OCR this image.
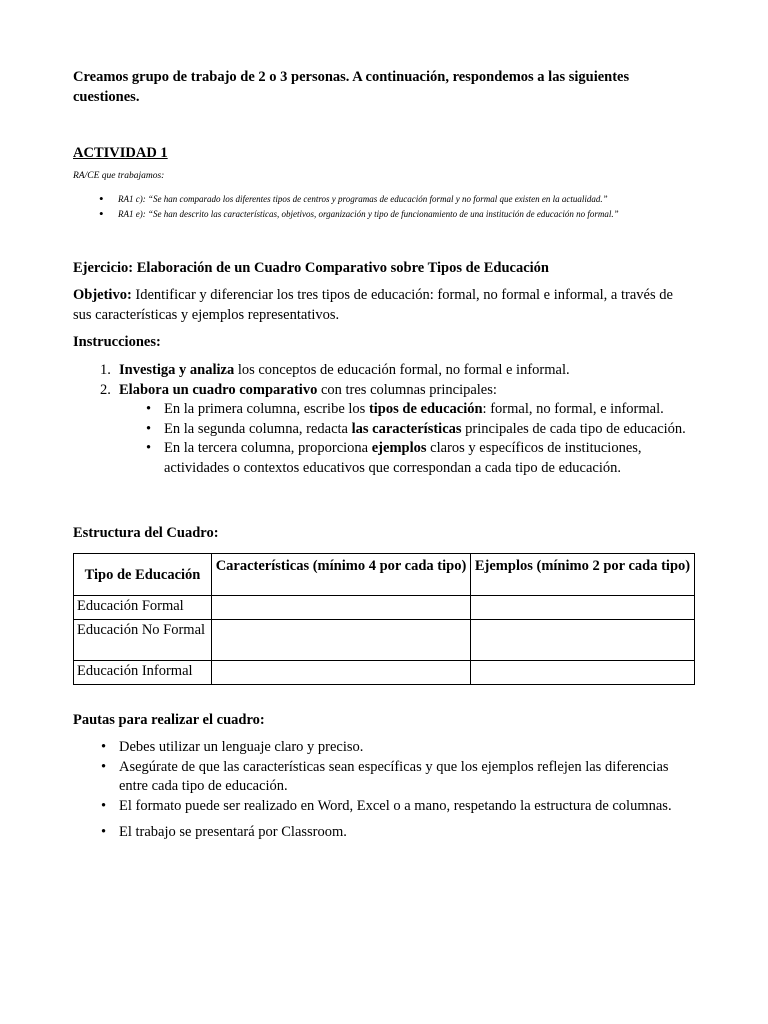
Creamos grupo de trabajo de 2 o 3 personas. A continuación, respondemos a las siguientes cuestiones.
ACTIVIDAD 1
RA/CE que trabajamos:
• RA1 c): “Se han comparado los diferentes tipos de centros y programas de educación formal y no formal que existen en la actualidad.”
• RA1 e): “Se han descrito las características, objetivos, organización y tipo de funcionamiento de una institución de educación no formal.”
Ejercicio: Elaboración de un Cuadro Comparativo sobre Tipos de Educación
Objetivo: Identificar y diferenciar los tres tipos de educación: formal, no formal e informal, a través de sus características y ejemplos representativos.
Instrucciones:
1. Investiga y analiza los conceptos de educación formal, no formal e informal.
2. Elabora un cuadro comparativo con tres columnas principales:
• En la primera columna, escribe los tipos de educación: formal, no formal, e informal.
• En la segunda columna, redacta las características principales de cada tipo de educación.
• En la tercera columna, proporciona ejemplos claros y específicos de instituciones, actividades o contextos educativos que correspondan a cada tipo de educación.
Estructura del Cuadro:
Tipo de Educación	Características (mínimo 4 por cada tipo)	Ejemplos (mínimo 2 por cada tipo)
Educación Formal		
Educación No Formal		
Educación Informal		
Pautas para realizar el cuadro:
• Debes utilizar un lenguaje claro y preciso.
• Asegúrate de que las características sean específicas y que los ejemplos reflejen las diferencias entre cada tipo de educación.
• El formato puede ser realizado en Word, Excel o a mano, respetando la estructura de columnas.
• El trabajo se presentará por Classroom.
